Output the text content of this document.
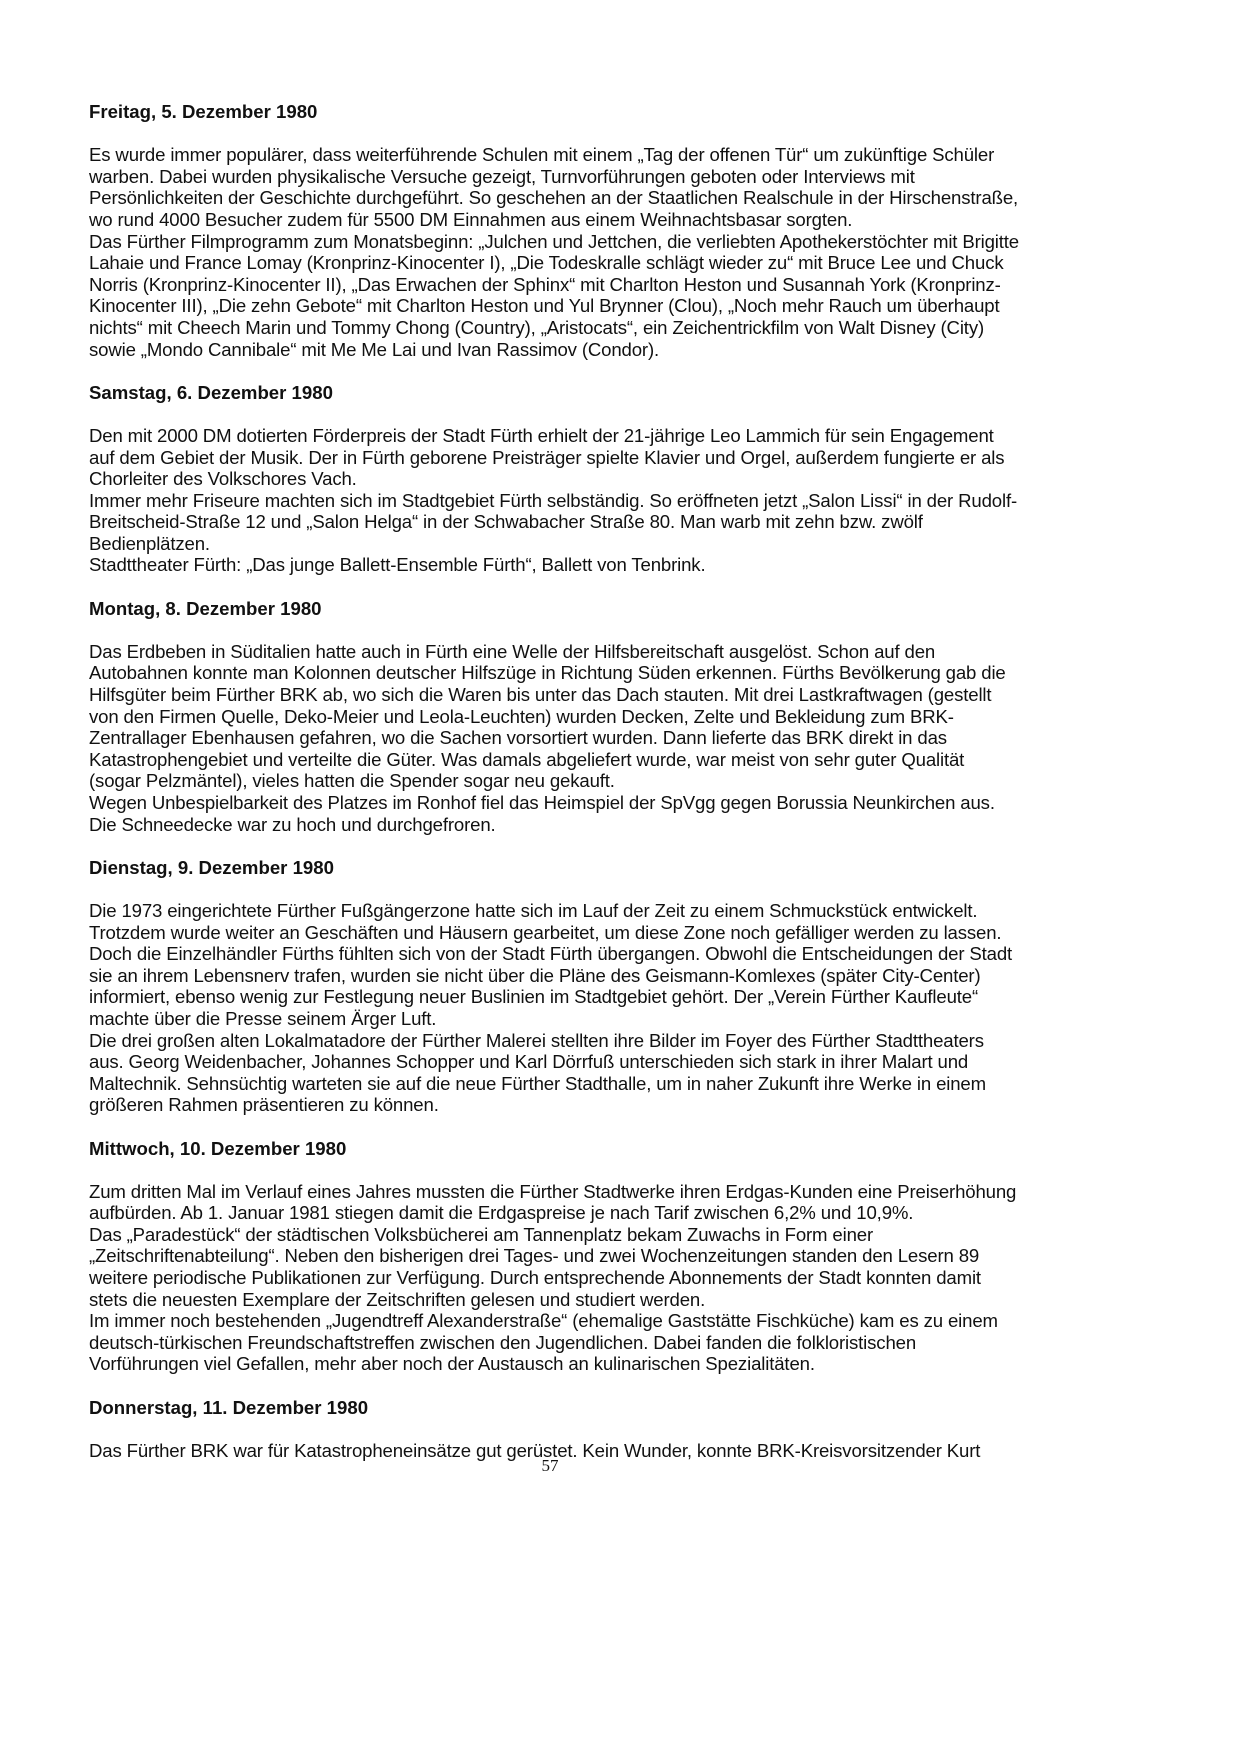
Freitag, 5. Dezember 1980
Es wurde immer populärer, dass weiterführende Schulen mit einem „Tag der offenen Tür“ um zukünftige Schüler
warben. Dabei wurden physikalische Versuche gezeigt, Turnvorführungen geboten oder Interviews mit
Persönlichkeiten der Geschichte durchgeführt. So geschehen an der Staatlichen Realschule in der Hirschenstraße,
wo rund 4000 Besucher zudem für 5500 DM Einnahmen aus einem Weihnachtsbasar sorgten.
Das Fürther Filmprogramm zum Monatsbeginn: „Julchen und Jettchen, die verliebten Apothekerstöchter mit Brigitte
Lahaie und France Lomay (Kronprinz-Kinocenter I), „Die Todeskralle schlägt wieder zu“ mit Bruce Lee und Chuck
Norris (Kronprinz-Kinocenter II), „Das Erwachen der Sphinx“ mit Charlton Heston und Susannah York (Kronprinz-
Kinocenter III), „Die zehn Gebote“ mit Charlton Heston und Yul Brynner (Clou), „Noch mehr Rauch um überhaupt
nichts“ mit Cheech Marin und Tommy Chong (Country), „Aristocats“, ein Zeichentrickfilm von Walt Disney (City)
sowie „Mondo Cannibale“ mit Me Me Lai und Ivan Rassimov (Condor).
Samstag, 6. Dezember 1980
Den mit 2000 DM dotierten Förderpreis der Stadt Fürth erhielt der 21-jährige Leo Lammich für sein Engagement
auf dem Gebiet der Musik. Der in Fürth geborene Preisträger spielte Klavier und Orgel, außerdem fungierte er als
Chorleiter des Volkschores Vach.
Immer mehr Friseure machten sich im Stadtgebiet Fürth selbständig. So eröffneten jetzt „Salon Lissi“ in der Rudolf-
Breitscheid-Straße 12 und „Salon Helga“ in der Schwabacher Straße 80. Man warb mit zehn bzw. zwölf
Bedienplätzen.
Stadttheater Fürth: „Das junge Ballett-Ensemble Fürth“, Ballett von Tenbrink.
Montag, 8. Dezember 1980
Das Erdbeben in Süditalien hatte auch in Fürth eine Welle der Hilfsbereitschaft ausgelöst. Schon auf den
Autobahnen konnte man Kolonnen deutscher Hilfszüge in Richtung Süden erkennen. Fürths Bevölkerung gab die
Hilfsgüter beim Fürther BRK ab, wo sich die Waren bis unter das Dach stauten. Mit drei Lastkraftwagen (gestellt
von den Firmen Quelle, Deko-Meier und Leola-Leuchten) wurden Decken, Zelte und Bekleidung zum BRK-
Zentrallager Ebenhausen gefahren, wo die Sachen vorsortiert wurden. Dann lieferte das BRK direkt in das
Katastrophengebiet und verteilte die Güter. Was damals abgeliefert wurde, war meist von sehr guter Qualität
(sogar Pelzmäntel), vieles hatten die Spender sogar neu gekauft.
Wegen Unbespielbarkeit des Platzes im Ronhof fiel das Heimspiel der SpVgg gegen Borussia Neunkirchen aus.
Die Schneedecke war zu hoch und durchgefroren.
Dienstag, 9. Dezember 1980
Die 1973 eingerichtete Fürther Fußgängerzone hatte sich im Lauf der Zeit zu einem Schmuckstück entwickelt.
Trotzdem wurde weiter an Geschäften und Häusern gearbeitet, um diese Zone noch gefälliger werden zu lassen.
Doch die Einzelhändler Fürths fühlten sich von der Stadt Fürth übergangen. Obwohl die Entscheidungen der Stadt
sie an ihrem Lebensnerv trafen, wurden sie nicht über die Pläne des Geismann-Komlexes (später City-Center)
informiert, ebenso wenig zur Festlegung neuer Buslinien im Stadtgebiet gehört. Der „Verein Fürther Kaufleute“
machte über die Presse seinem Ärger Luft.
Die drei großen alten Lokalmatadore der Fürther Malerei stellten ihre Bilder im Foyer des Fürther Stadttheaters
aus. Georg Weidenbacher, Johannes Schopper und Karl Dörrfuß unterschieden sich stark in ihrer Malart und
Maltechnik. Sehnsüchtig warteten sie auf die neue Fürther Stadthalle, um in naher Zukunft ihre Werke in einem
größeren Rahmen präsentieren zu können.
Mittwoch, 10. Dezember 1980
Zum dritten Mal im Verlauf eines Jahres mussten die Fürther Stadtwerke ihren Erdgas-Kunden eine Preiserhöhung
aufbürden. Ab 1. Januar 1981 stiegen damit die Erdgaspreise je nach Tarif zwischen 6,2% und 10,9%.
Das „Paradestück“ der städtischen Volksbücherei am Tannenplatz bekam Zuwachs in Form einer
„Zeitschriftenabteilung“. Neben den bisherigen drei Tages- und zwei Wochenzeitungen standen den Lesern 89
weitere periodische Publikationen zur Verfügung. Durch entsprechende Abonnements der Stadt konnten damit
stets die neuesten Exemplare der Zeitschriften gelesen und studiert werden.
Im immer noch bestehenden „Jugendtreff Alexanderstraße“ (ehemalige Gaststätte Fischküche) kam es zu einem
deutsch-türkischen Freundschaftstreffen zwischen den Jugendlichen. Dabei fanden die folkloristischen
Vorführungen viel Gefallen, mehr aber noch der Austausch an kulinarischen Spezialitäten.
Donnerstag, 11. Dezember 1980
Das Fürther BRK war für Katastropheneinsätze gut gerüstet. Kein Wunder, konnte BRK-Kreisvorsitzender Kurt
57
